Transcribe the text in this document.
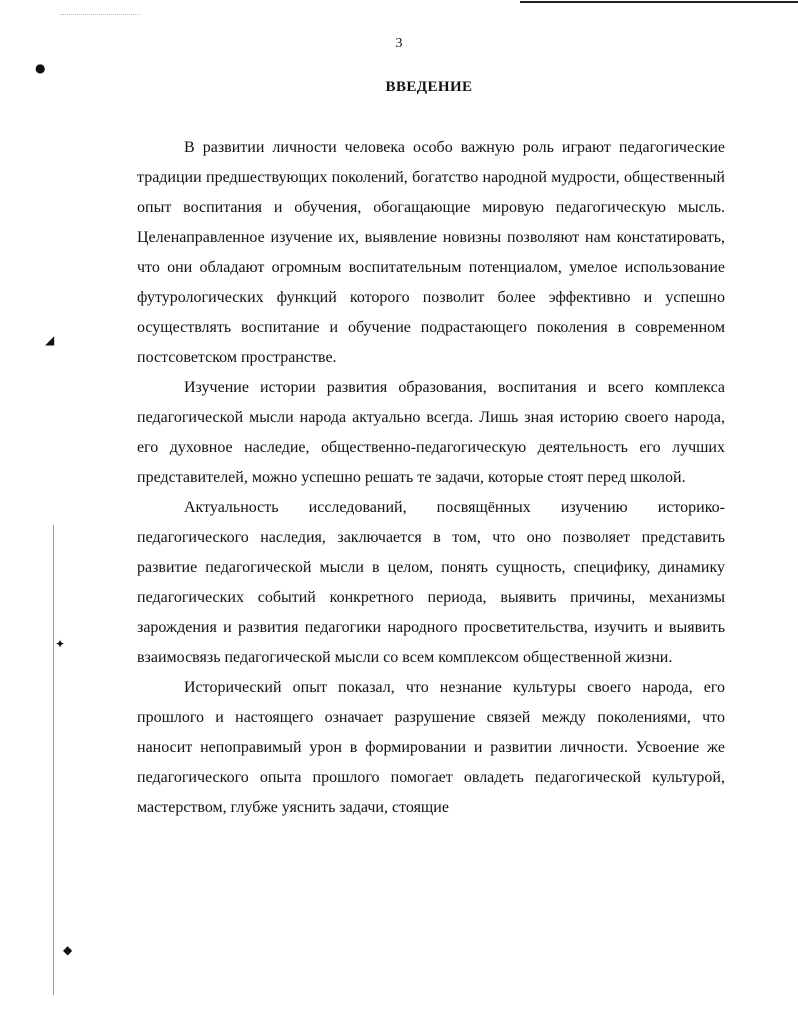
●
◢
✦
◆
3
ВВЕДЕНИЕ

В развитии личности человека особо важную роль играют педагогические традиции предшествующих поколений, богатство народной мудрости, общественный опыт воспитания и обучения, обогащающие мировую педагогическую мысль. Целенаправленное изучение их, выявление новизны позволяют нам констатировать, что они обладают огромным воспитательным потенциалом, умелое использование футурологических функций которого позволит более эффективно и успешно осуществлять воспитание и обучение подрастающего поколения в современном постсоветском пространстве.

Изучение истории развития образования, воспитания и всего комплекса педагогической мысли народа актуально всегда. Лишь зная историю своего народа, его духовное наследие, общественно-педагогическую деятельность его лучших представителей, можно успешно решать те задачи, которые стоят перед школой.

Актуальность исследований, посвящённых изучению историко-педагогического наследия, заключается в том, что оно позволяет представить развитие педагогической мысли в целом, понять сущность, специфику, динамику педагогических событий конкретного периода, выявить причины, механизмы зарождения и развития педагогики народного просветительства, изучить и выявить взаимосвязь педагогической мысли со всем комплексом общественной жизни.

Исторический опыт показал, что незнание культуры своего народа, его прошлого и настоящего означает разрушение связей между поколениями, что наносит непоправимый урон в формировании и развитии личности. Усвоение же педагогического опыта прошлого помогает овладеть педагогической культурой, мастерством, глубже уяснить задачи, стоящие
